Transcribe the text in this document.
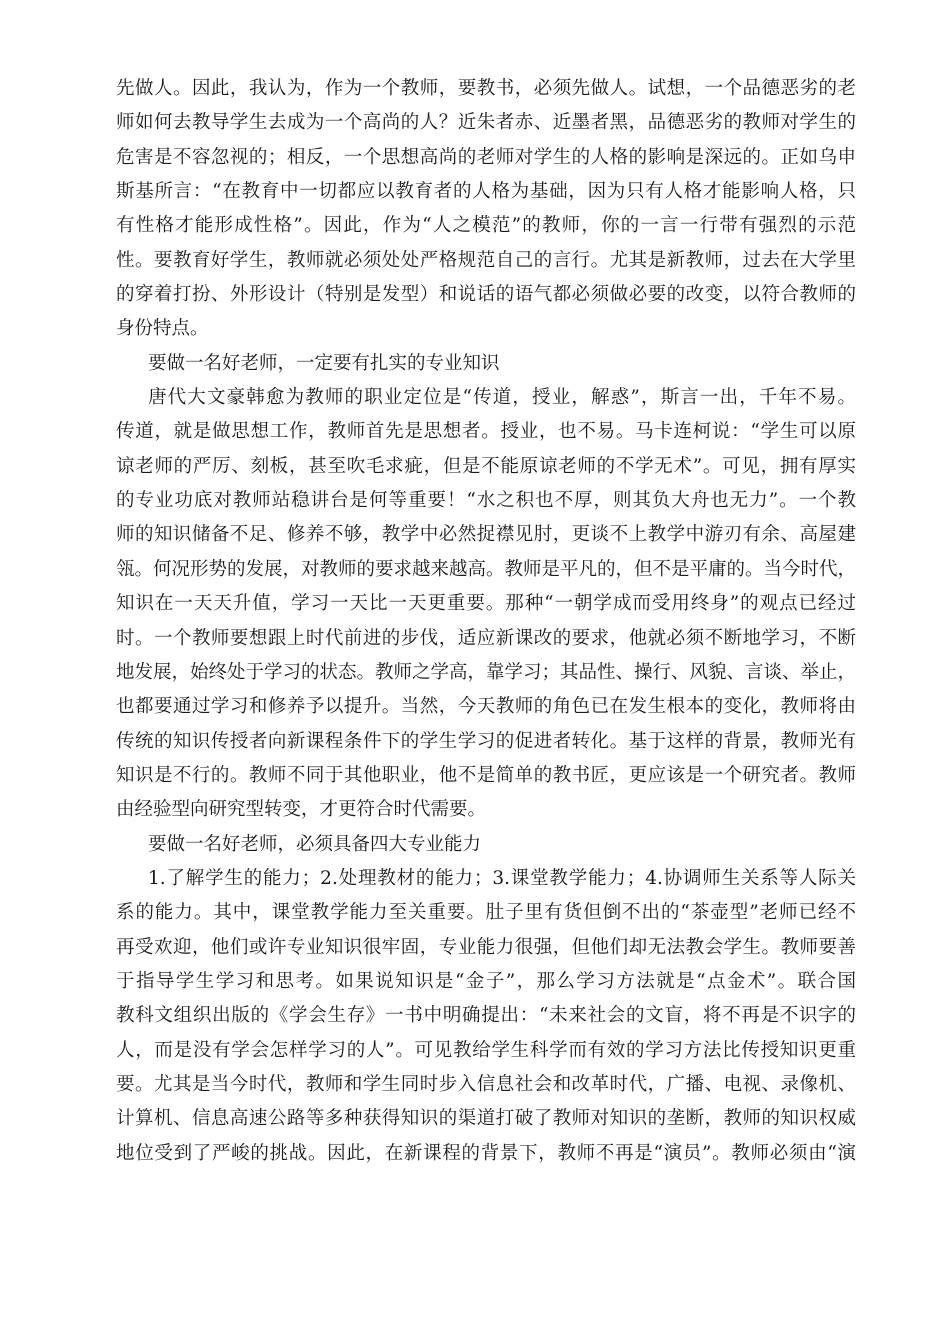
先做人。因此，我认为，作为一个教师，要教书，必须先做人。试想，一个品德恶劣的老
师如何去教导学生去成为一个高尚的人？近朱者赤、近墨者黑，品德恶劣的教师对学生的
危害是不容忽视的；相反，一个思想高尚的老师对学生的人格的影响是深远的。正如乌申
斯基所言：“在教育中一切都应以教育者的人格为基础，因为只有人格才能影响人格，只
有性格才能形成性格”。因此，作为“人之模范”的教师，你的一言一行带有强烈的示范
性。要教育好学生，教师就必须处处严格规范自己的言行。尤其是新教师，过去在大学里
的穿着打扮、外形设计（特别是发型）和说话的语气都必须做必要的改变，以符合教师的
身份特点。
要做一名好老师，一定要有扎实的专业知识
唐代大文豪韩愈为教师的职业定位是“传道，授业，解惑”，斯言一出，千年不易。
传道，就是做思想工作，教师首先是思想者。授业，也不易。马卡连柯说：“学生可以原
谅老师的严厉、刻板，甚至吹毛求疵，但是不能原谅老师的不学无术”。可见，拥有厚实
的专业功底对教师站稳讲台是何等重要！“水之积也不厚，则其负大舟也无力”。一个教
师的知识储备不足、修养不够，教学中必然捉襟见肘，更谈不上教学中游刃有余、高屋建
瓴。何况形势的发展，对教师的要求越来越高。教师是平凡的，但不是平庸的。当今时代，
知识在一天天升值，学习一天比一天更重要。那种“一朝学成而受用终身”的观点已经过
时。一个教师要想跟上时代前进的步伐，适应新课改的要求，他就必须不断地学习，不断
地发展，始终处于学习的状态。教师之学高，靠学习；其品性、操行、风貌、言谈、举止，
也都要通过学习和修养予以提升。当然，今天教师的角色已在发生根本的变化，教师将由
传统的知识传授者向新课程条件下的学生学习的促进者转化。基于这样的背景，教师光有
知识是不行的。教师不同于其他职业，他不是简单的教书匠，更应该是一个研究者。教师
由经验型向研究型转变，才更符合时代需要。
要做一名好老师，必须具备四大专业能力
1.了解学生的能力；2.处理教材的能力；3.课堂教学能力；4.协调师生关系等人际关
系的能力。其中，课堂教学能力至关重要。肚子里有货但倒不出的“茶壶型”老师已经不
再受欢迎，他们或许专业知识很牢固，专业能力很强，但他们却无法教会学生。教师要善
于指导学生学习和思考。如果说知识是“金子”，那么学习方法就是“点金术”。联合国
教科文组织出版的《学会生存》一书中明确提出：“未来社会的文盲，将不再是不识字的
人，而是没有学会怎样学习的人”。可见教给学生科学而有效的学习方法比传授知识更重
要。尤其是当今时代，教师和学生同时步入信息社会和改革时代，广播、电视、录像机、
计算机、信息高速公路等多种获得知识的渠道打破了教师对知识的垄断，教师的知识权威
地位受到了严峻的挑战。因此，在新课程的背景下，教师不再是“演员”。教师必须由“演
